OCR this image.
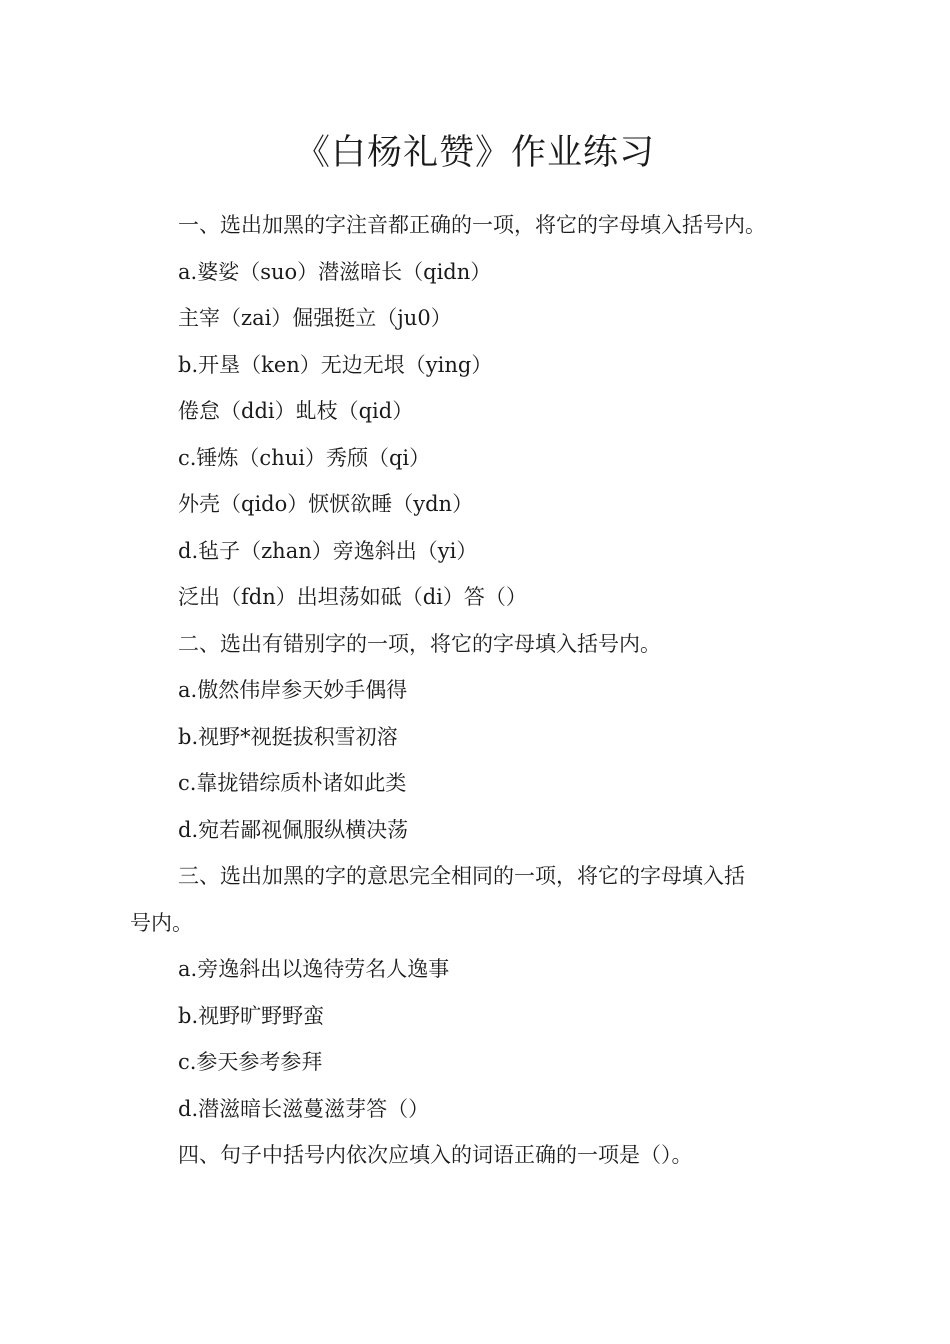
《白杨礼赞》作业练习

一、选出加黑的字注音都正确的一项，将它的字母填入括号内。

a.婆娑（suo）潜滋暗长（qidn）

主宰（zai）倔强挺立（ju0）

b.开垦（ken）无边无垠（ying）

倦怠（ddi）虬枝（qid）

c.锤炼（chui）秀颀（qi）

外壳（qido）恹恹欲睡（ydn）

d.毡子（zhan）旁逸斜出（yi）

泛出（fdn）出坦荡如砥（di）答（）

二、选出有错别字的一项，将它的字母填入括号内。

a.傲然伟岸参天妙手偶得

b.视野*视挺拔积雪初溶

c.靠拢错综质朴诸如此类

d.宛若鄙视佩服纵横决荡

三、选出加黑的字的意思完全相同的一项，将它的字母填入括

号内。

a.旁逸斜出以逸待劳名人逸事

b.视野旷野野蛮

c.参天参考参拜

d.潜滋暗长滋蔓滋芽答（）

四、句子中括号内依次应填入的词语正确的一项是（）。
